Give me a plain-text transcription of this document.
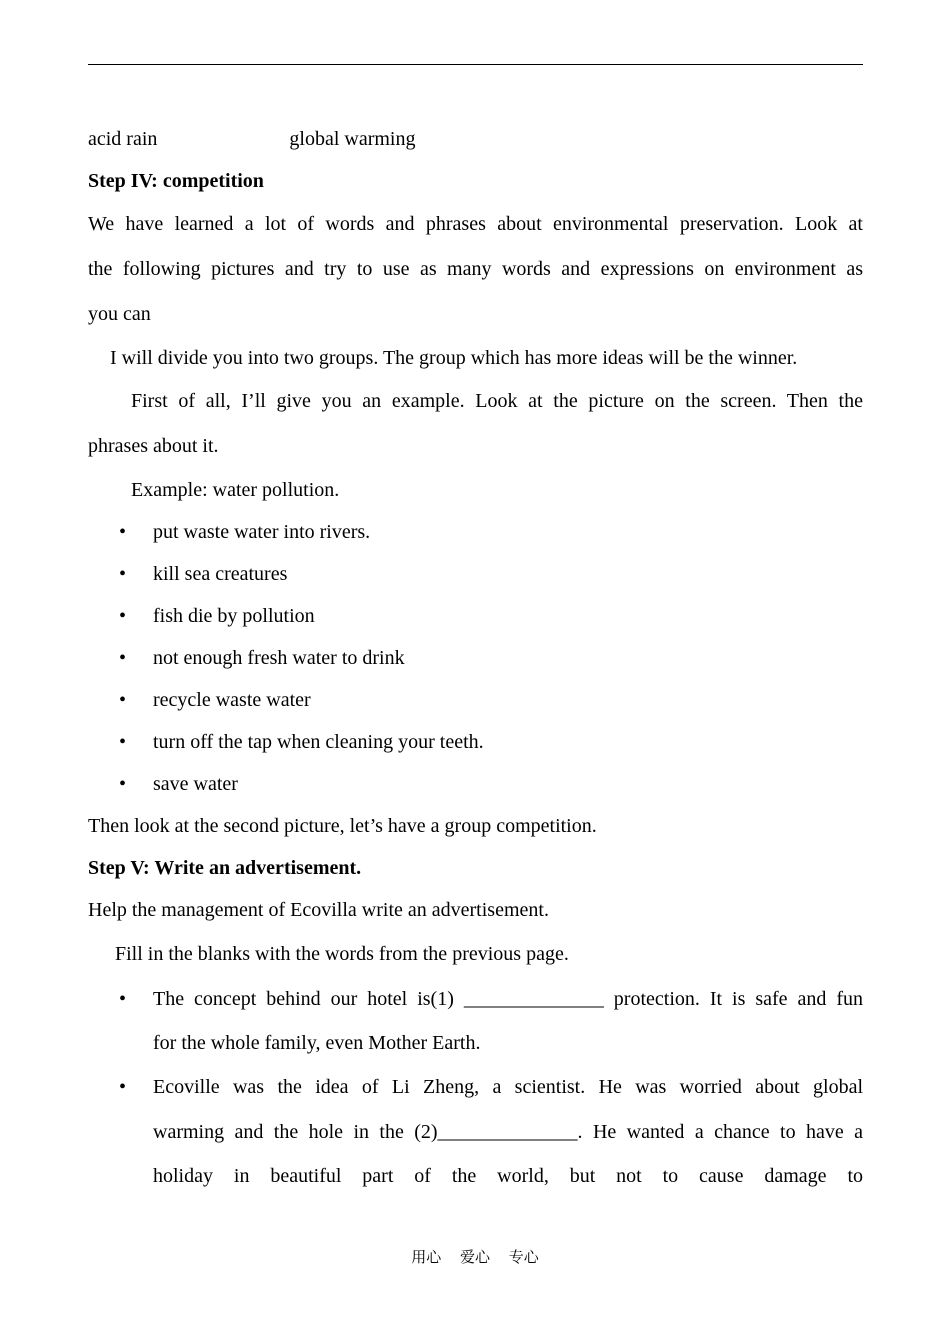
acid rain	global warming
Step IV: competition
We have learned a lot of words and phrases about environmental preservation. Look at
the following pictures and try to use as many words and expressions on environment as
you can
I will divide you into two groups. The group which has more ideas will be the winner.
First of all, I’ll give you an example. Look at the picture on the screen. Then the
phrases about it.
Example: water pollution.
• put waste water into rivers.
• kill sea creatures
• fish die by pollution
• not enough fresh water to drink
• recycle waste water
• turn off the tap when cleaning your teeth.
• save water
Then look at the second picture, let’s have a group competition.
Step V: Write an advertisement.
Help the management of Ecovilla write an advertisement.
Fill in the blanks with the words from the previous page.
• The concept behind our hotel is(1) ______________ protection. It is safe and fun
for the whole family, even Mother Earth.
• Ecoville was the idea of Li Zheng, a scientist. He was worried about global
warming and the hole in the (2)______________. He wanted a chance to have a
holiday in beautiful part of the world, but not to cause damage to
用心 爱心 专心
